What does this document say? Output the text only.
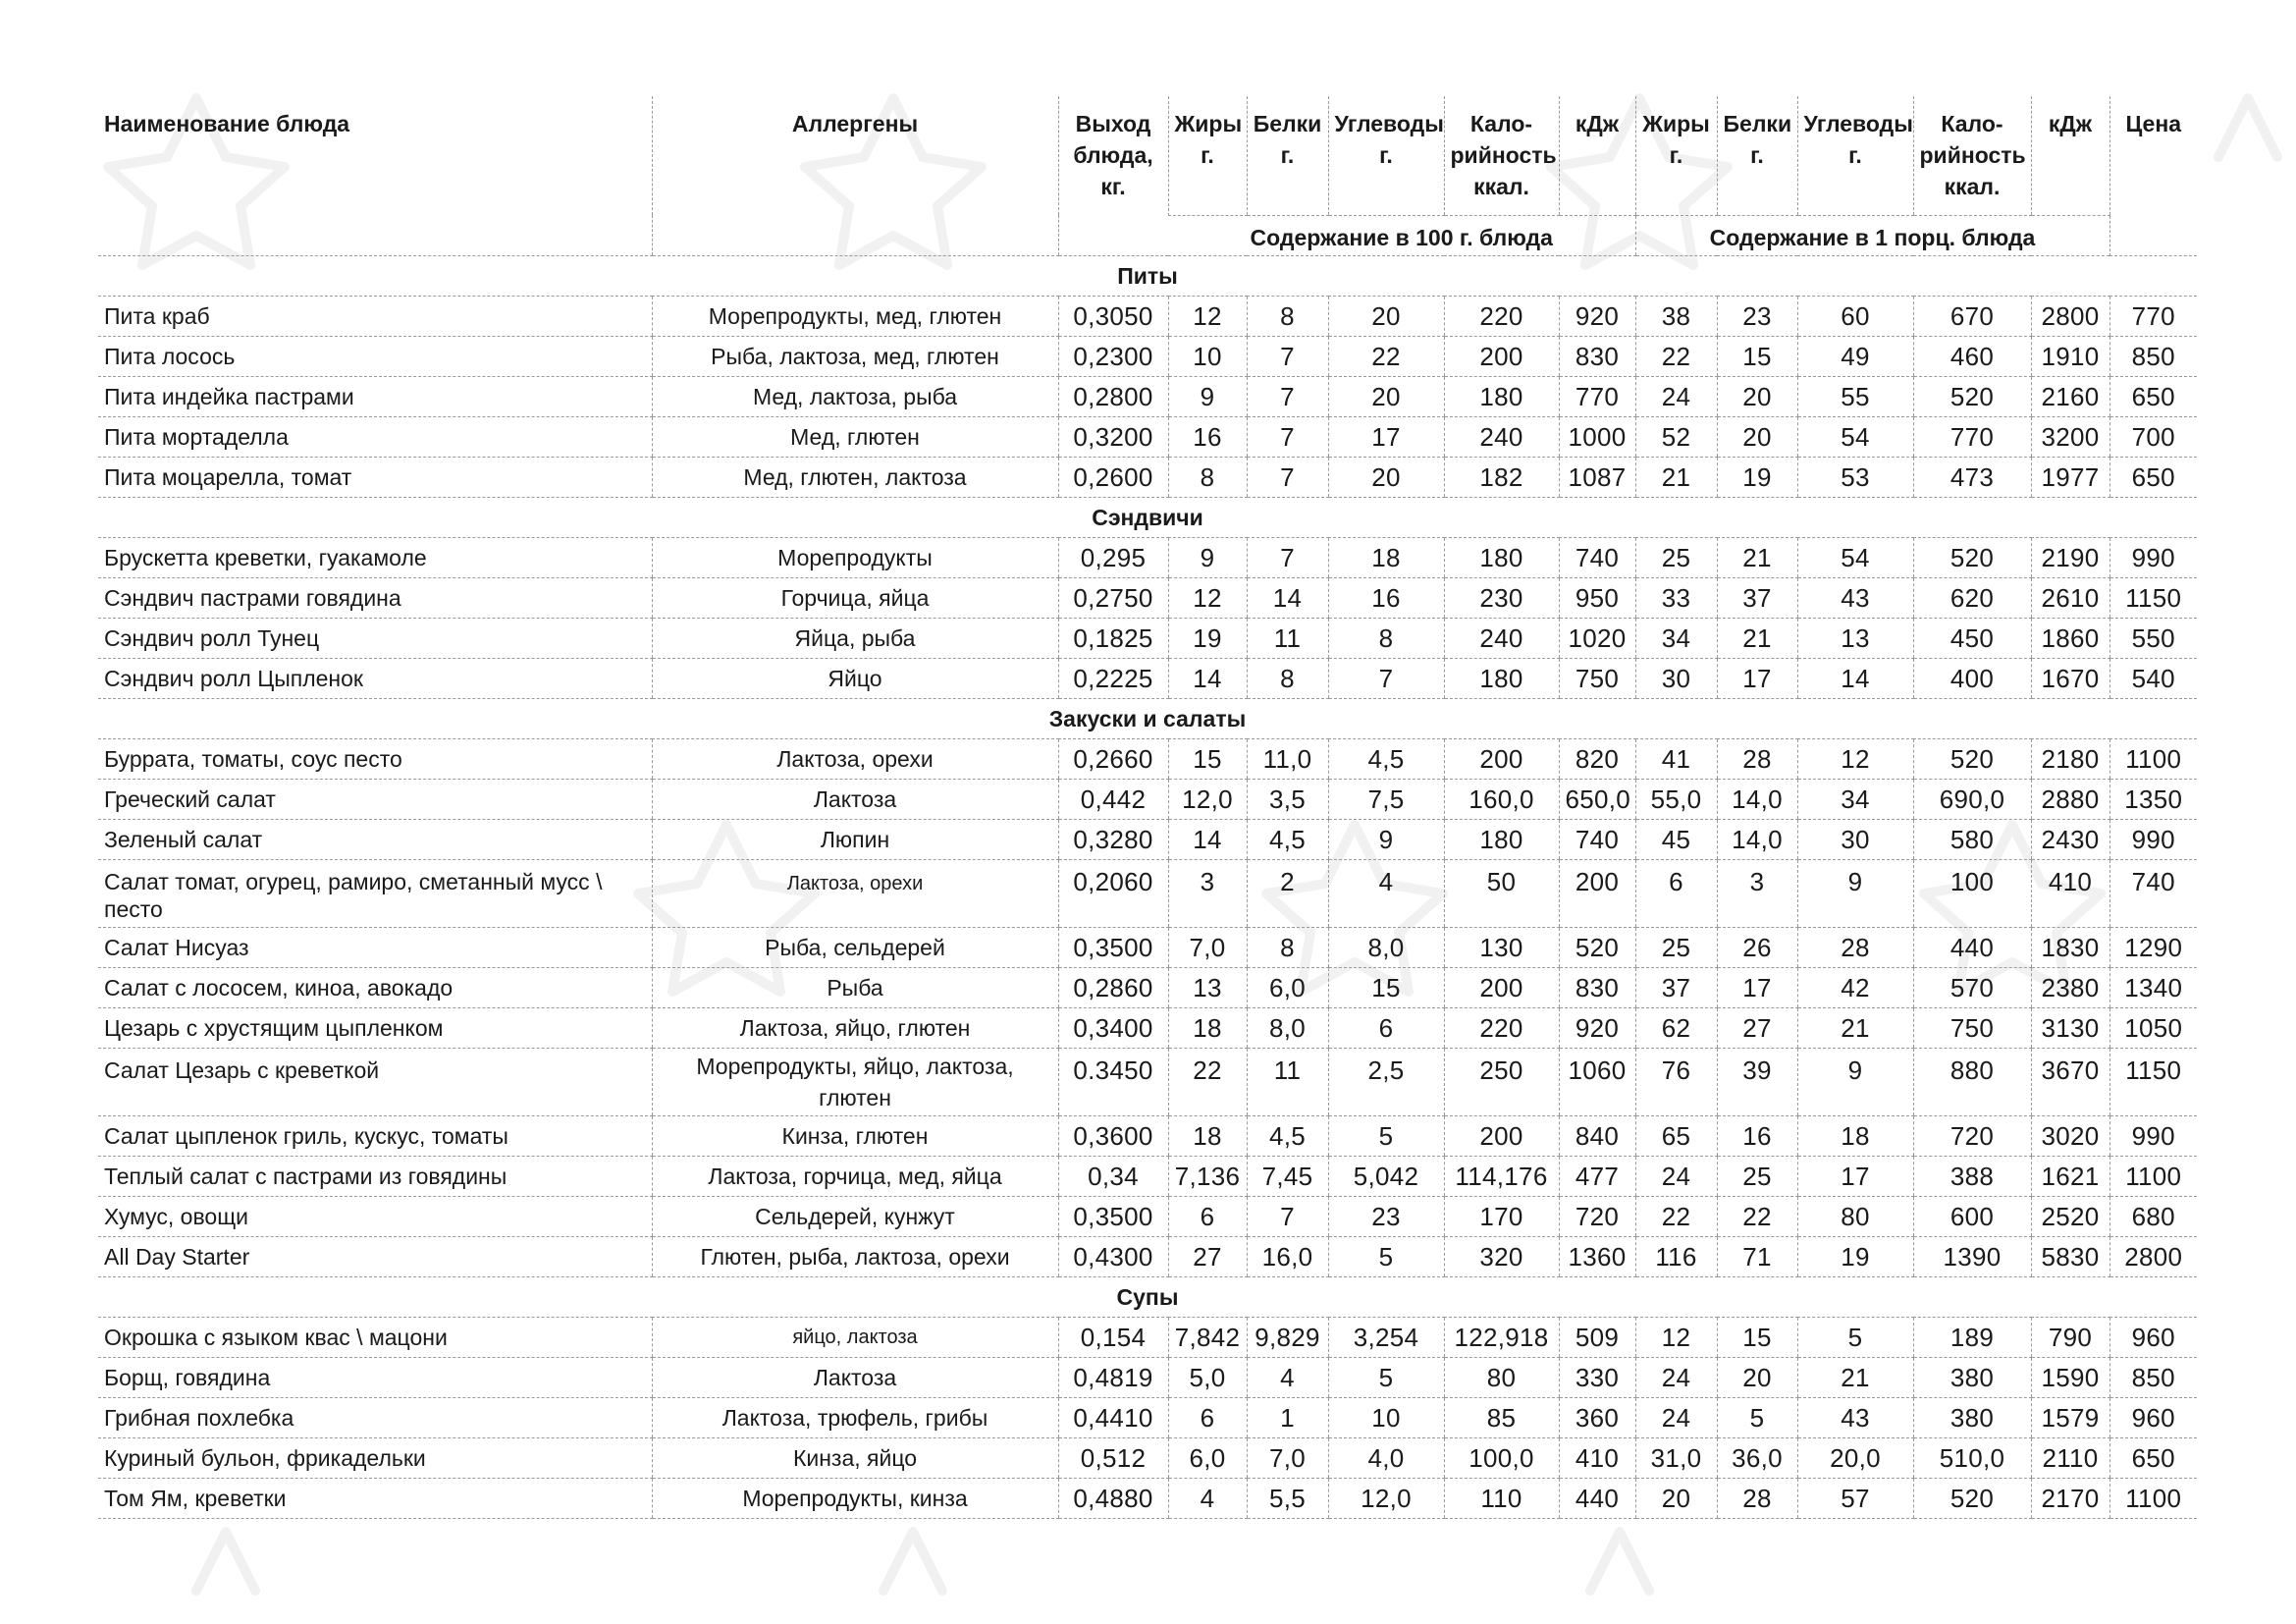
Наименование блюда	Аллергены	Выход блюда, кг.	Жиры г.	Белки г.	Углеводы г.	Кало-рийность ккал.	кДж	Жиры г.	Белки г.	Углеводы г.	Кало-рийность ккал.	кДж	Цена
			Содержание в 100 г. блюда					Содержание в 1 порц. блюда					
Питы													
Пита краб	Морепродукты, мед, глютен	0,3050	12	8	20	220	920	38	23	60	670	2800	770
Пита лосось	Рыба, лактоза, мед, глютен	0,2300	10	7	22	200	830	22	15	49	460	1910	850
Пита индейка пастрами	Мед, лактоза, рыба	0,2800	9	7	20	180	770	24	20	55	520	2160	650
Пита мортаделла	Мед, глютен	0,3200	16	7	17	240	1000	52	20	54	770	3200	700
Пита моцарелла, томат	Мед, глютен, лактоза	0,2600	8	7	20	182	1087	21	19	53	473	1977	650
Сэндвичи													
Брускетта креветки, гуакамоле	Морепродукты	0,295	9	7	18	180	740	25	21	54	520	2190	990
Сэндвич пастрами говядина	Горчица, яйца	0,2750	12	14	16	230	950	33	37	43	620	2610	1150
Сэндвич ролл Тунец	Яйца, рыба	0,1825	19	11	8	240	1020	34	21	13	450	1860	550
Сэндвич ролл Цыпленок	Яйцо	0,2225	14	8	7	180	750	30	17	14	400	1670	540
Закуски и салаты													
Буррата, томаты, соус песто	Лактоза, орехи	0,2660	15	11,0	4,5	200	820	41	28	12	520	2180	1100
Греческий салат	Лактоза	0,442	12,0	3,5	7,5	160,0	650,0	55,0	14,0	34	690,0	2880	1350
Зеленый салат	Люпин	0,3280	14	4,5	9	180	740	45	14,0	30	580	2430	990
Салат томат, огурец, рамиро, сметанный мусс \ песто	Лактоза, орехи	0,2060	3	2	4	50	200	6	3	9	100	410	740
Салат Нисуаз	Рыба, сельдерей	0,3500	7,0	8	8,0	130	520	25	26	28	440	1830	1290
Салат с лососем, киноа, авокадо	Рыба	0,2860	13	6,0	15	200	830	37	17	42	570	2380	1340
Цезарь с хрустящим цыпленком	Лактоза, яйцо, глютен	0,3400	18	8,0	6	220	920	62	27	21	750	3130	1050
Салат Цезарь с креветкой	Морепродукты, яйцо, лактоза, глютен	0.3450	22	11	2,5	250	1060	76	39	9	880	3670	1150
Салат цыпленок гриль, кускус, томаты	Кинза, глютен	0,3600	18	4,5	5	200	840	65	16	18	720	3020	990
Теплый салат с пастрами из говядины	Лактоза, горчица, мед, яйца	0,34	7,136	7,45	5,042	114,176	477	24	25	17	388	1621	1100
Хумус, овощи	Сельдерей, кунжут	0,3500	6	7	23	170	720	22	22	80	600	2520	680
All Day Starter	Глютен, рыба, лактоза, орехи	0,4300	27	16,0	5	320	1360	116	71	19	1390	5830	2800
Супы													
Окрошка с языком квас \ мацони	яйцо, лактоза	0,154	7,842	9,829	3,254	122,918	509	12	15	5	189	790	960
Борщ, говядина	Лактоза	0,4819	5,0	4	5	80	330	24	20	21	380	1590	850
Грибная похлебка	Лактоза, трюфель, грибы	0,4410	6	1	10	85	360	24	5	43	380	1579	960
Куриный бульон, фрикадельки	Кинза, яйцо	0,512	6,0	7,0	4,0	100,0	410	31,0	36,0	20,0	510,0	2110	650
Том Ям, креветки	Морепродукты, кинза	0,4880	4	5,5	12,0	110	440	20	28	57	520	2170	1100
